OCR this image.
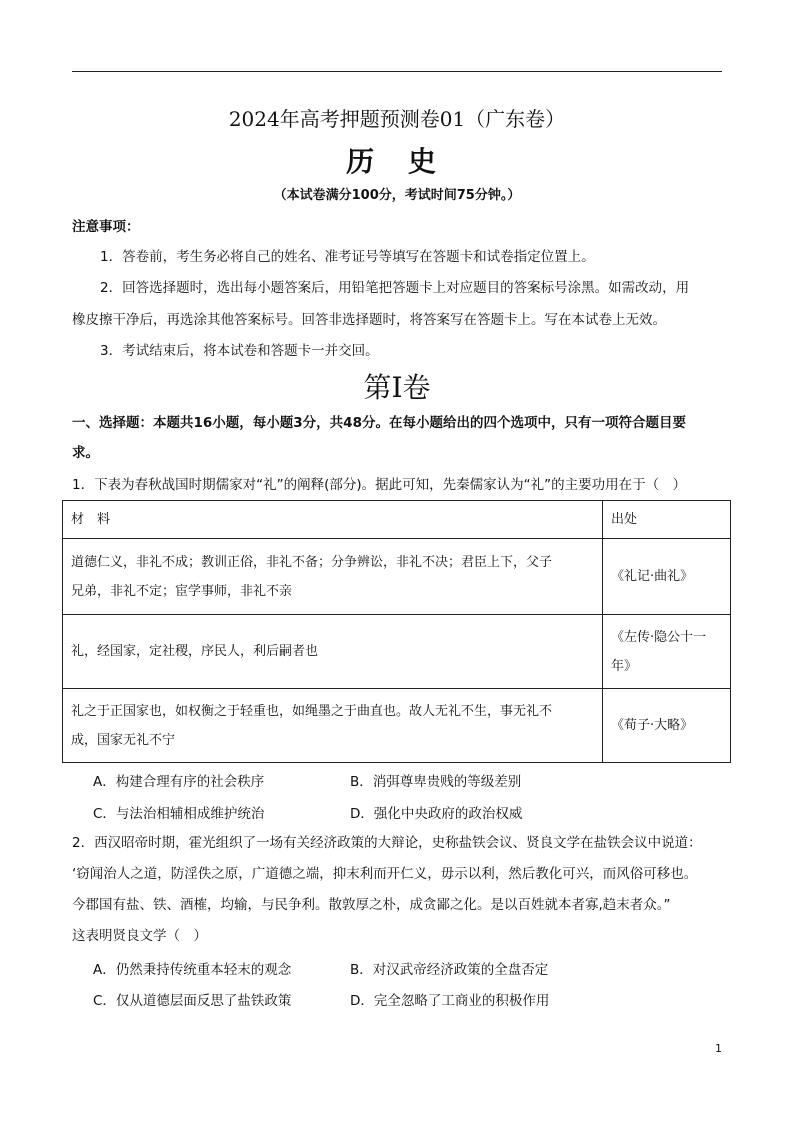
2024年高考押题预测卷01（广东卷）
历 史
（本试卷满分100分，考试时间75分钟。）
注意事项：
1．答卷前，考生务必将自己的姓名、准考证号等填写在答题卡和试卷指定位置上。
2．回答选择题时，选出每小题答案后，用铅笔把答题卡上对应题目的答案标号涂黑。如需改动，用
橡皮擦干净后，再选涂其他答案标号。回答非选择题时，将答案写在答题卡上。写在本试卷上无效。
3．考试结束后，将本试卷和答题卡一并交回。
第I卷
一、选择题：本题共16小题，每小题3分，共48分。在每小题给出的四个选项中，只有一项符合题目要
求。
1．下表为春秋战国时期儒家对“礼”的阐释(部分)。据此可知，先秦儒家认为“礼”的主要功用在于（　）
材　料	出处

道德仁义，非礼不成；教训正俗，非礼不备；分争辨讼，非礼不决；君臣上下，父子
兄弟，非礼不定；宦学事师，非礼不亲	《礼记·曲礼》

礼，经国家，定社稷，序民人，利后嗣者也	《左传·隐公十一
年》

礼之于正国家也，如权衡之于轻重也，如绳墨之于曲直也。故人无礼不生，事无礼不
成，国家无礼不宁	《荀子·大略》
A．构建合理有序的社会秩序	B．消弭尊卑贵贱的等级差别
C．与法治相辅相成维护统治	D．强化中央政府的政治权威
2．西汉昭帝时期，霍光组织了一场有关经济政策的大辩论，史称盐铁会议、贤良文学在盐铁会议中说道：
‘窃闻治人之道，防淫佚之原，广道德之端，抑末利而开仁义，毋示以利，然后教化可兴，而风俗可移也。
今郡国有盐、铁、酒榷，均输，与民争利。散敦厚之朴，成贪鄙之化。是以百姓就本者寡,趋末者众。”
这表明贤良文学（　）
A．仍然秉持传统重本轻末的观念	B．对汉武帝经济政策的全盘否定
C．仅从道德层面反思了盐铁政策	D．完全忽略了工商业的积极作用
1
